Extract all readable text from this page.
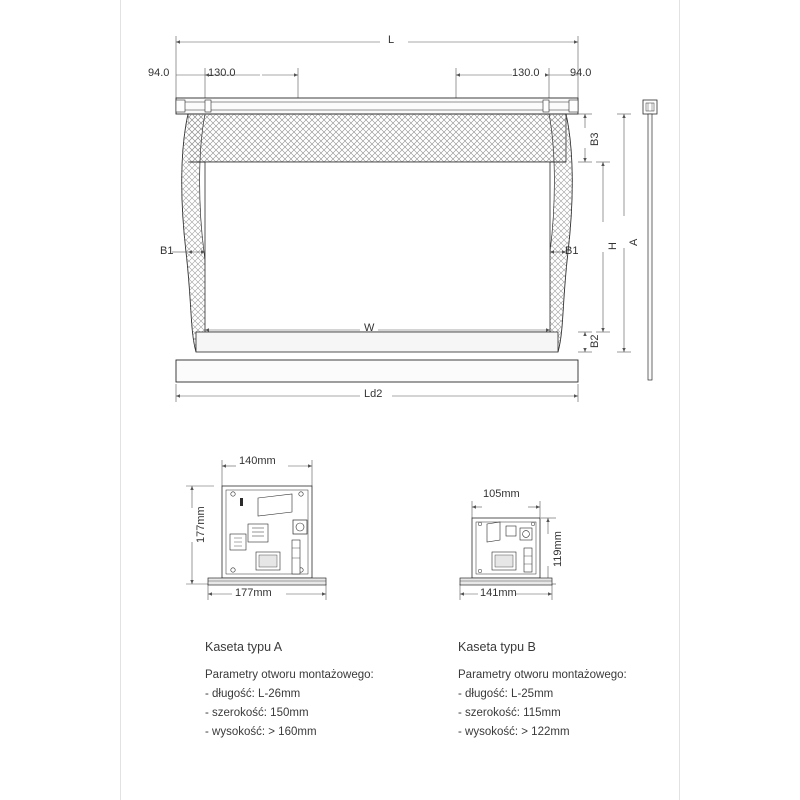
L
94.0	130.0	130.0	94.0
W
Ld2
B3
H A
B2
B1	B1
140mm
177mm
177mm
105mm
119mm
141mm
Kaseta typu A
Parametry otworu montażowego:
- długość: L-26mm
- szerokość: 150mm
- wysokość: > 160mm
Kaseta typu B
Parametry otworu montażowego:
- długość: L-25mm
- szerokość: 115mm
- wysokość: > 122mm
